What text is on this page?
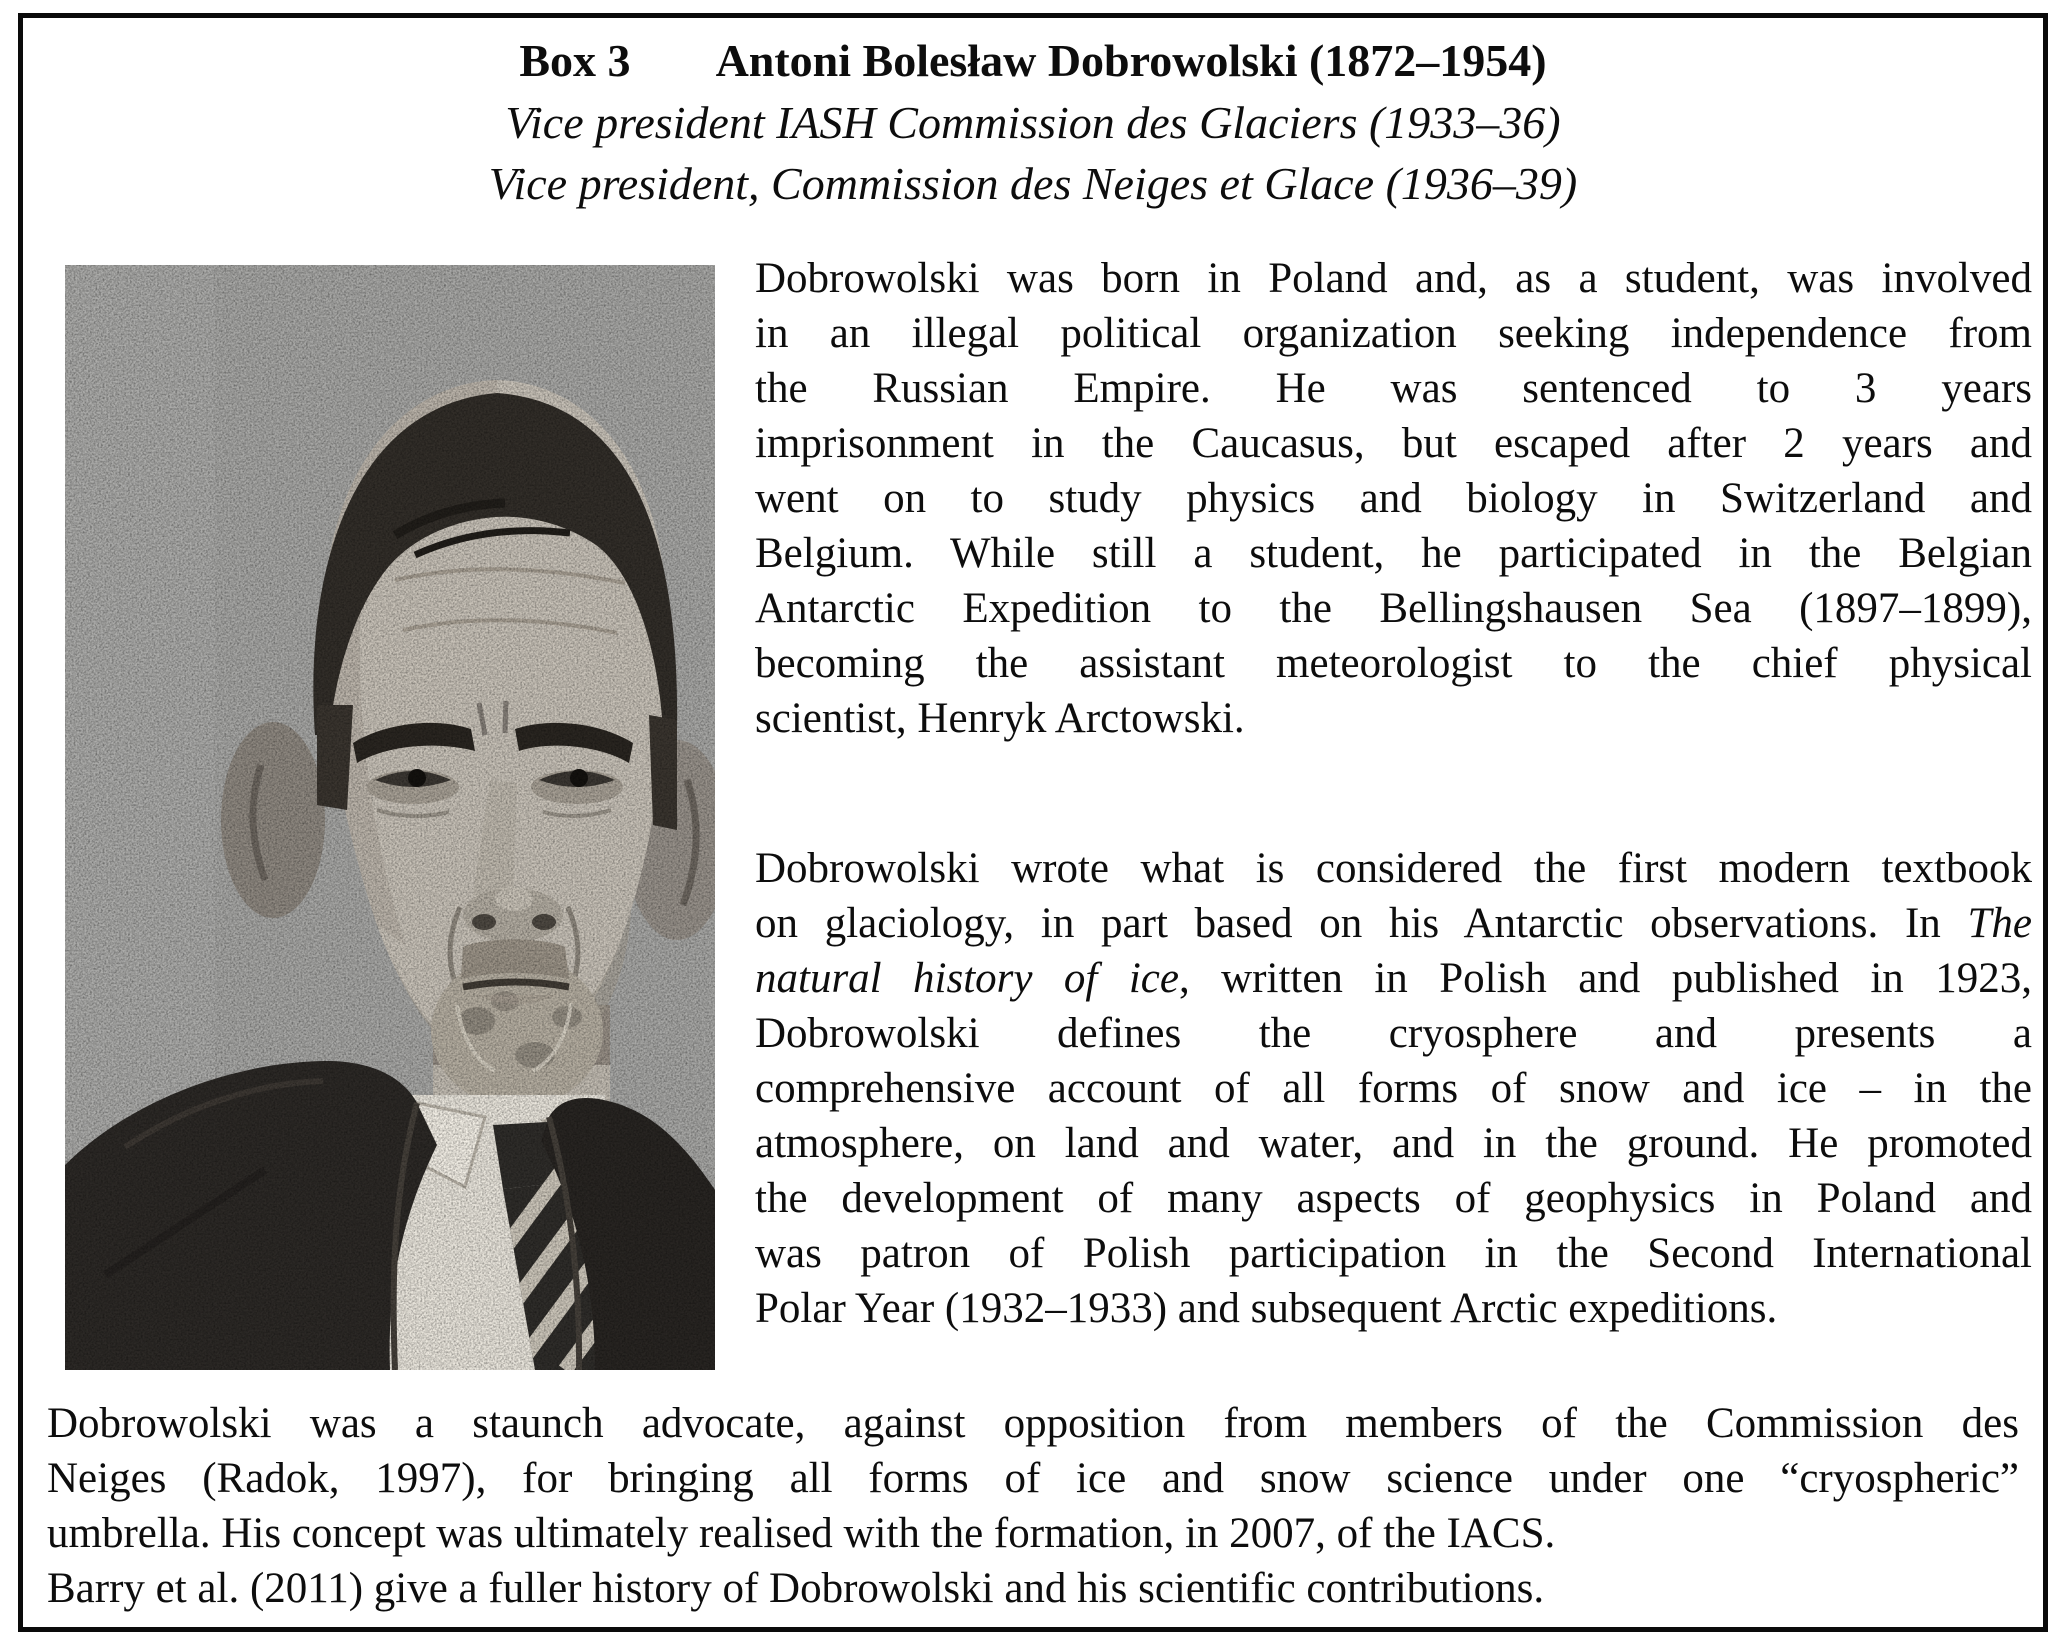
Box 3 Antoni Bolesław Dobrowolski (1872–1954)
Vice president IASH Commission des Glaciers (1933–36)
Vice president, Commission des Neiges et Glace (1936–39)
Dobrowolski was born in Poland and, as a student, was involved
in an illegal political organization seeking independence from
the Russian Empire. He was sentenced to 3 years
imprisonment in the Caucasus, but escaped after 2 years and
went on to study physics and biology in Switzerland and
Belgium. While still a student, he participated in the Belgian
Antarctic Expedition to the Bellingshausen Sea (1897–1899),
becoming the assistant meteorologist to the chief physical
scientist, Henryk Arctowski.
Dobrowolski wrote what is considered the first modern textbook
on glaciology, in part based on his Antarctic observations. In The
natural history of ice, written in Polish and published in 1923,
Dobrowolski defines the cryosphere and presents a
comprehensive account of all forms of snow and ice – in the
atmosphere, on land and water, and in the ground. He promoted
the development of many aspects of geophysics in Poland and
was patron of Polish participation in the Second International
Polar Year (1932–1933) and subsequent Arctic expeditions.
Dobrowolski was a staunch advocate, against opposition from members of the Commission des
Neiges (Radok, 1997), for bringing all forms of ice and snow science under one “cryospheric”
umbrella. His concept was ultimately realised with the formation, in 2007, of the IACS.
Barry et al. (2011) give a fuller history of Dobrowolski and his scientific contributions.
